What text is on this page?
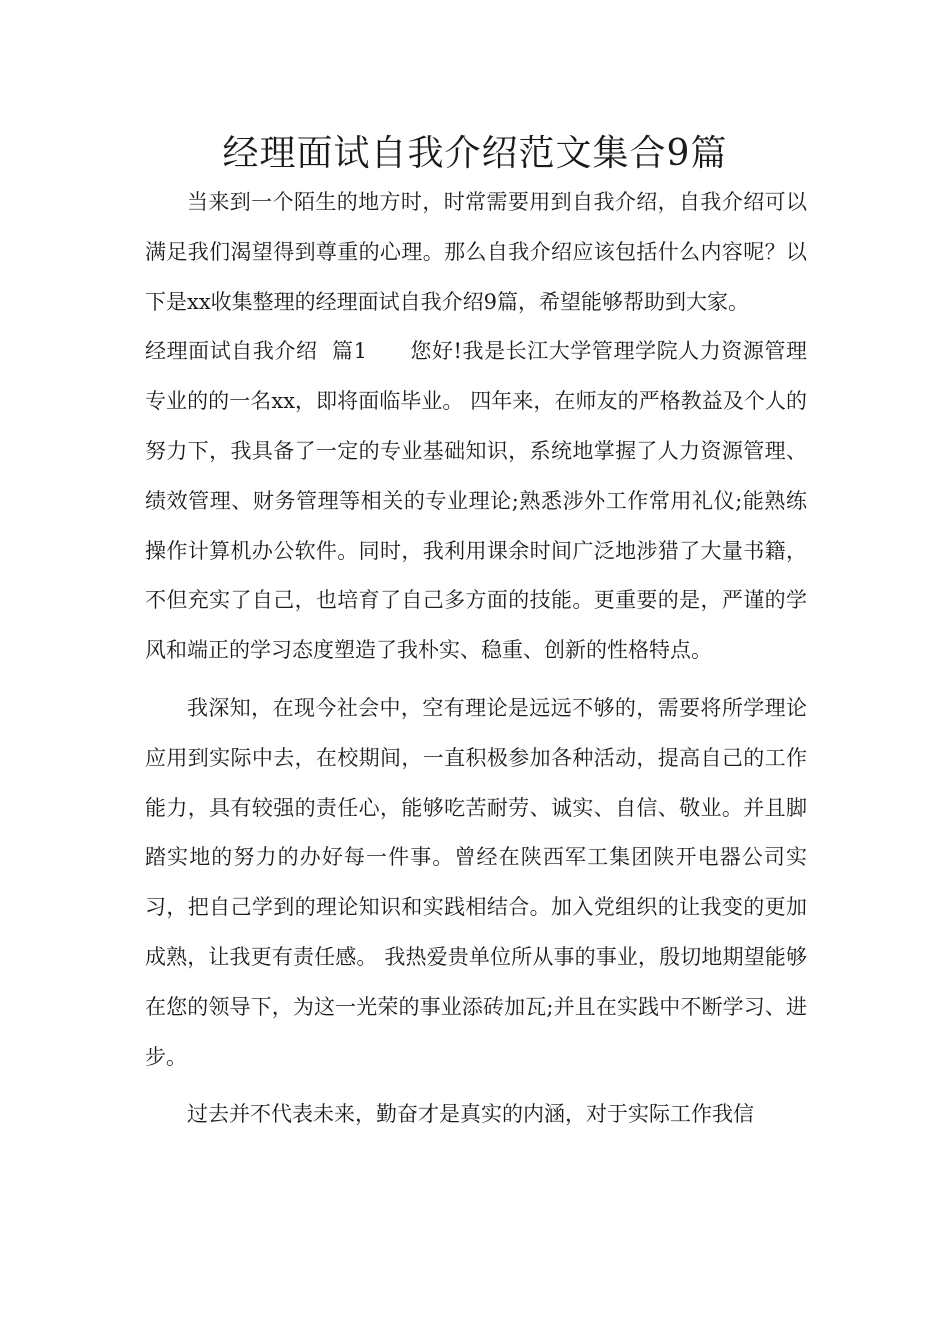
经理面试自我介绍范文集合9篇

当来到一个陌生的地方时，时常需要用到自我介绍，自我介绍可以满足我们渴望得到尊重的心理。那么自我介绍应该包括什么内容呢？以下是xx收集整理的经理面试自我介绍9篇，希望能够帮助到大家。

经理面试自我介绍  篇1 您好!我是长江大学管理学院人力资源管理专业的的一名xx，即将面临毕业。 四年来，在师友的严格教益及个人的努力下，我具备了一定的专业基础知识，系统地掌握了人力资源管理、绩效管理、财务管理等相关的专业理论;熟悉涉外工作常用礼仪;能熟练操作计算机办公软件。同时，我利用课余时间广泛地涉猎了大量书籍，不但充实了自己，也培育了自己多方面的技能。更重要的是，严谨的学风和端正的学习态度塑造了我朴实、稳重、创新的性格特点。

我深知，在现今社会中，空有理论是远远不够的，需要将所学理论应用到实际中去，在校期间，一直积极参加各种活动，提高自己的工作能力，具有较强的责任心，能够吃苦耐劳、诚实、自信、敬业。并且脚踏实地的努力的办好每一件事。曾经在陕西军工集团陕开电器公司实习，把自己学到的理论知识和实践相结合。加入党组织的让我变的更加成熟，让我更有责任感。 我热爱贵单位所从事的事业，殷切地期望能够在您的领导下，为这一光荣的事业添砖加瓦;并且在实践中不断学习、进步。

过去并不代表未来，勤奋才是真实的内涵，对于实际工作我信
